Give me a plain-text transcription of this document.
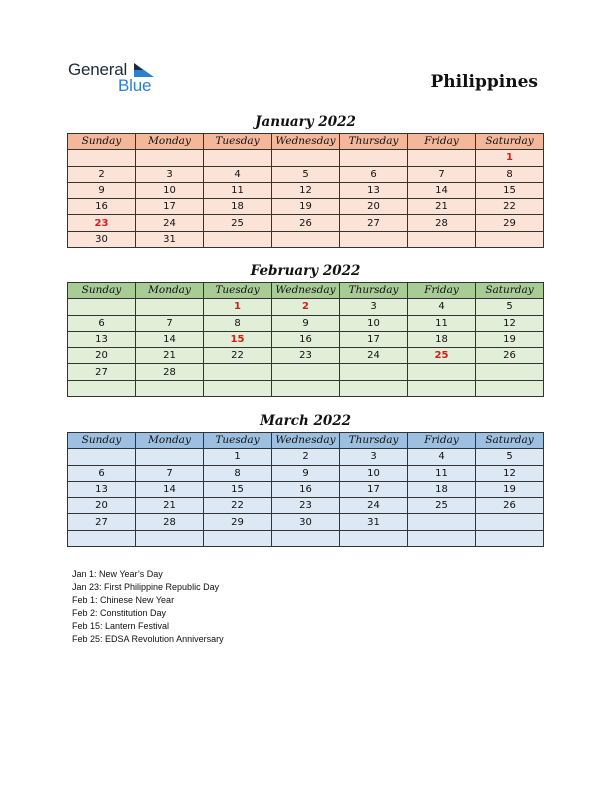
General
Blue	Philippines
January 2022
Sunday	Monday	Tuesday	Wednesday	Thursday	Friday	Saturday
						1
2	3	4	5	6	7	8
9	10	11	12	13	14	15
16	17	18	19	20	21	22
23	24	25	26	27	28	29
30	31					
February 2022
Sunday	Monday	Tuesday	Wednesday	Thursday	Friday	Saturday
		1	2	3	4	5
6	7	8	9	10	11	12
13	14	15	16	17	18	19
20	21	22	23	24	25	26
27	28					

March 2022
Sunday	Monday	Tuesday	Wednesday	Thursday	Friday	Saturday
		1	2	3	4	5
6	7	8	9	10	11	12
13	14	15	16	17	18	19
20	21	22	23	24	25	26
27	28	29	30	31		

Jan 1: New Year’s Day
Jan 23: First Philippine Republic Day
Feb 1: Chinese New Year
Feb 2: Constitution Day
Feb 15: Lantern Festival
Feb 25: EDSA Revolution Anniversary
